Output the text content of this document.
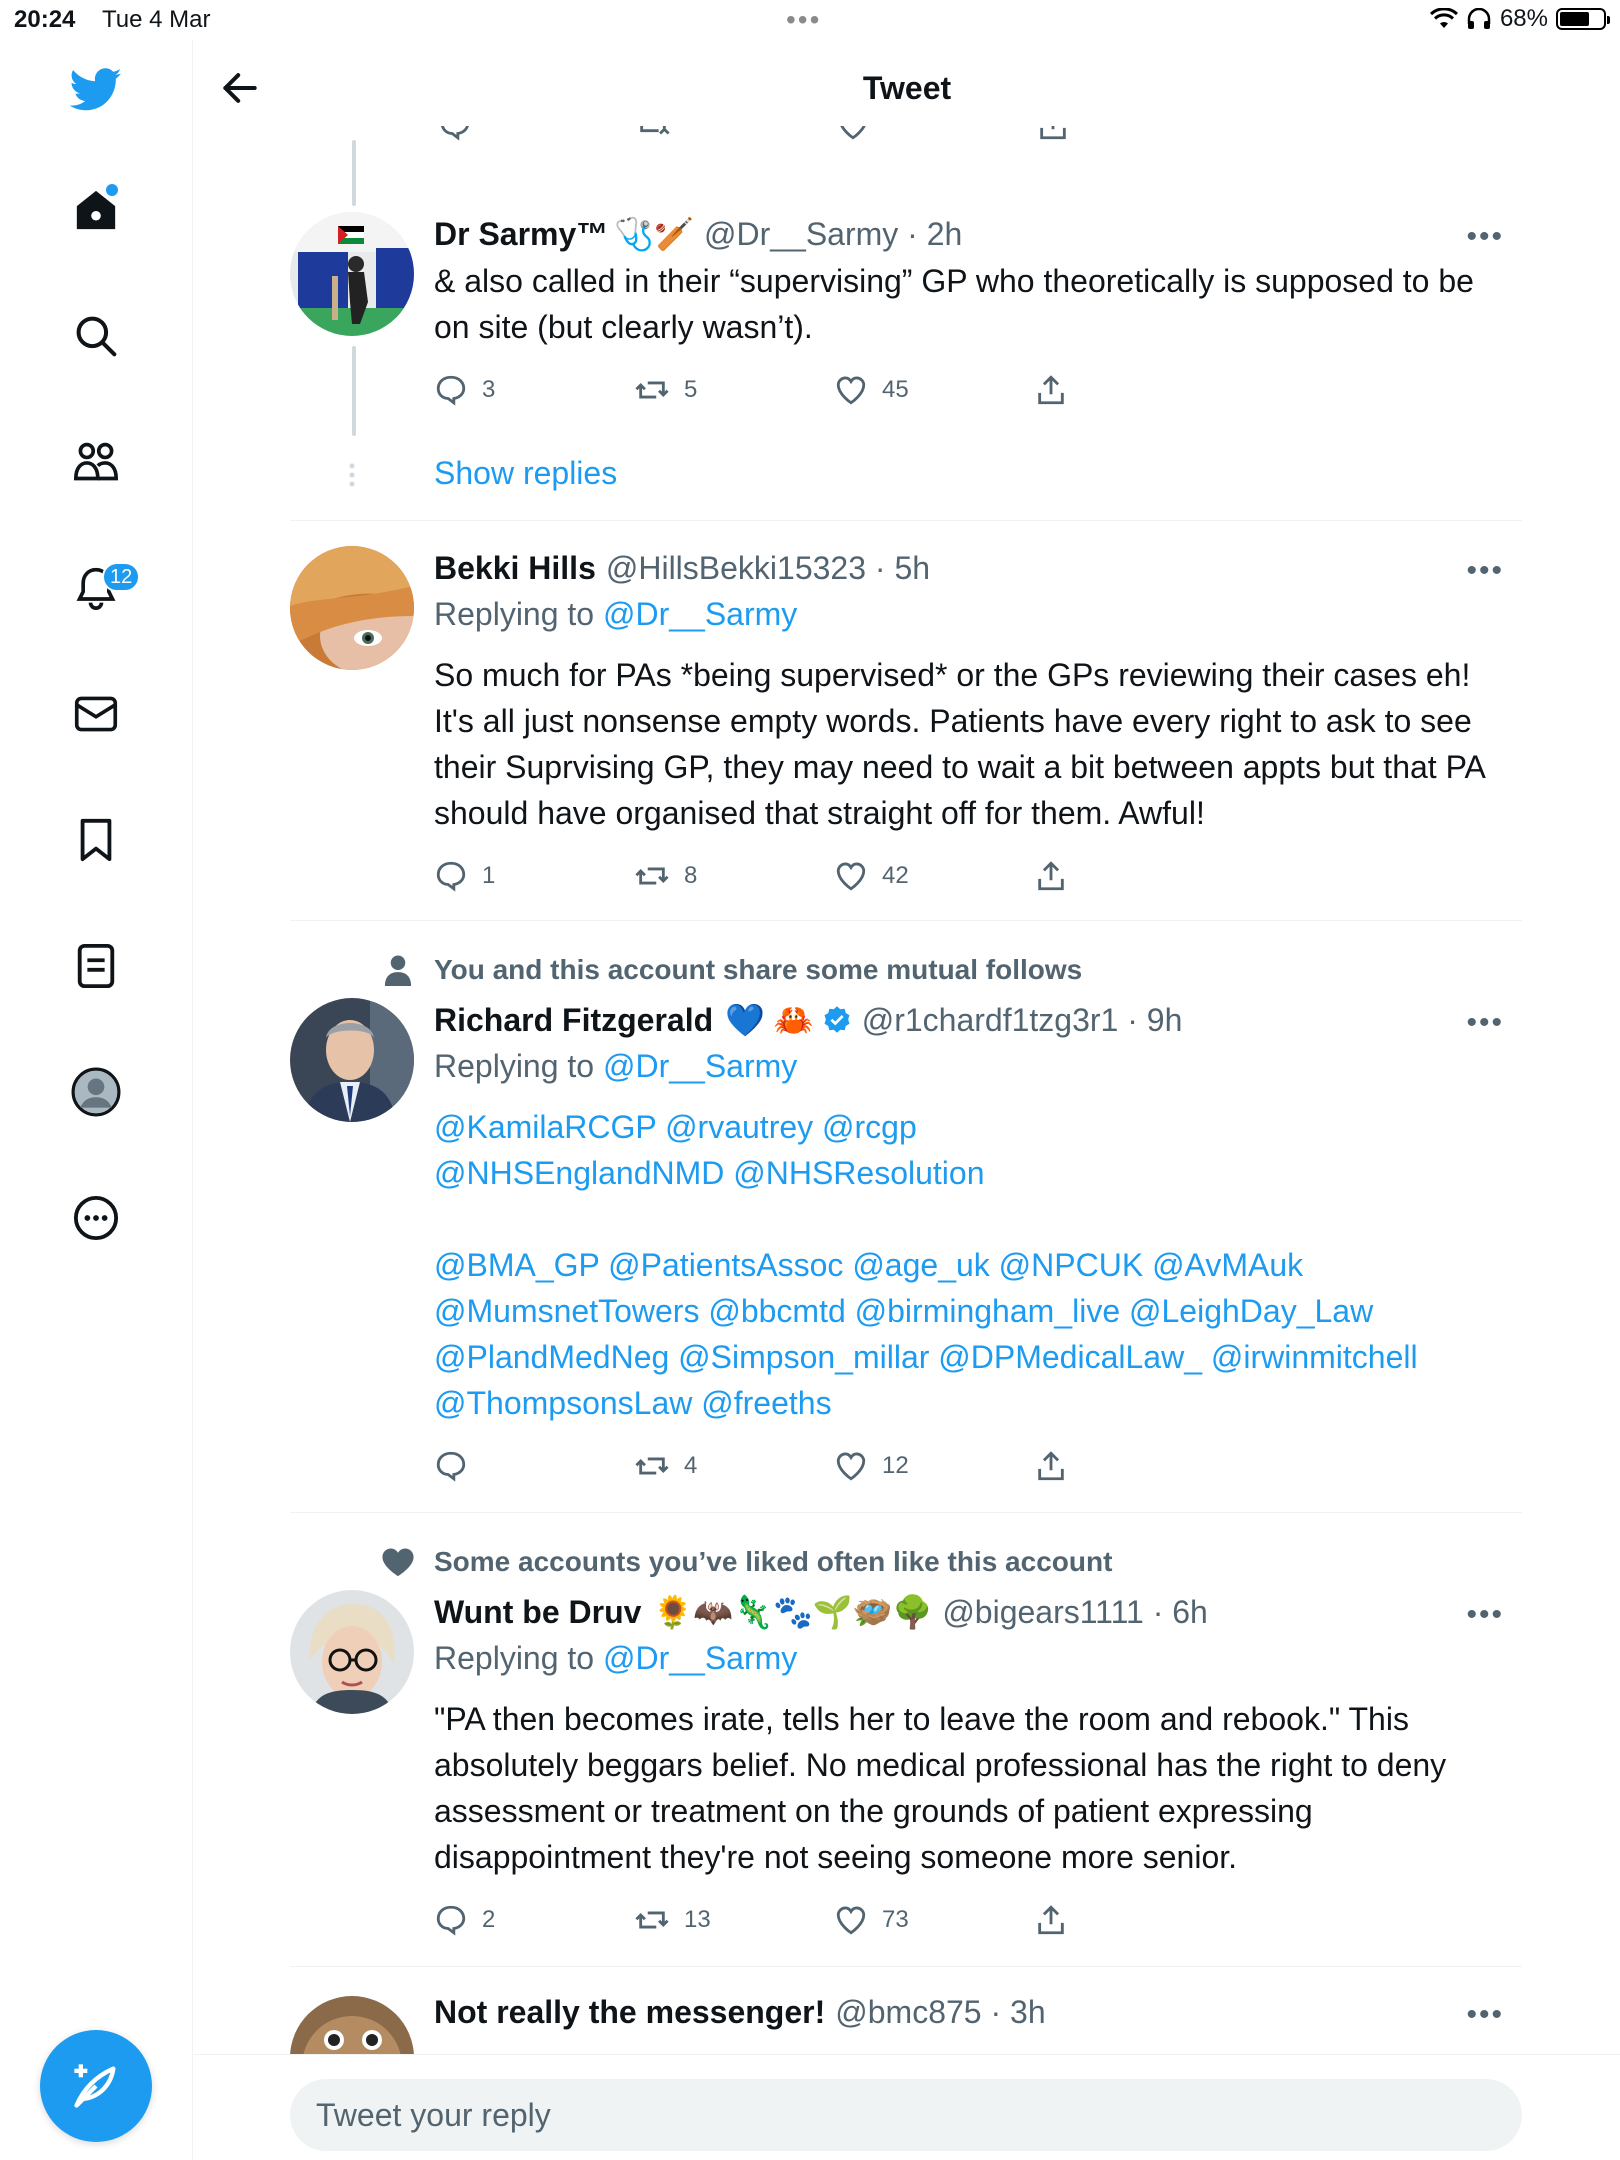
20:24 Tue 4 Mar	•••	68%
12
Tweet
Dr Sarmy™ 🩺🏏 @Dr__Sarmy · 2h	•••
& also called in their “supervising” GP who theoretically is supposed to be on site (but clearly wasn’t).
3	5	45
Show replies
Bekki Hills @HillsBekki15323 · 5h	•••
Replying to @Dr__Sarmy
So much for PAs *being supervised* or the GPs reviewing their cases eh! It's all just nonsense empty words. Patients have every right to ask to see their Suprvising GP, they may need to wait a bit between appts but that PA should have organised that straight off for them. Awful!
1	8	42
You and this account share some mutual follows
Richard Fitzgerald 💙 🦀 @r1chardf1tzg3r1 · 9h	•••
Replying to @Dr__Sarmy
@KamilaRCGP @rvautrey @rcgp
@NHSEnglandNMD @NHSResolution
@BMA_GP @PatientsAssoc @age_uk @NPCUK @AvMAuk
@MumsnetTowers @bbcmtd @birmingham_live @LeighDay_Law
@PlandMedNeg @Simpson_millar @DPMedicalLaw_ @irwinmitchell
@ThompsonsLaw @freeths
4	12
Some accounts you’ve liked often like this account
Wunt be Druv 🌻🦇🦎🐾🌱🪺🌳 @bigears1111 · 6h	•••
Replying to @Dr__Sarmy
"PA then becomes irate, tells her to leave the room and rebook." This absolutely beggars belief. No medical professional has the right to deny assessment or treatment on the grounds of patient expressing disappointment they're not seeing someone more senior.
2	13	73
Not really the messenger! @bmc875 · 3h	•••
Tweet your reply
